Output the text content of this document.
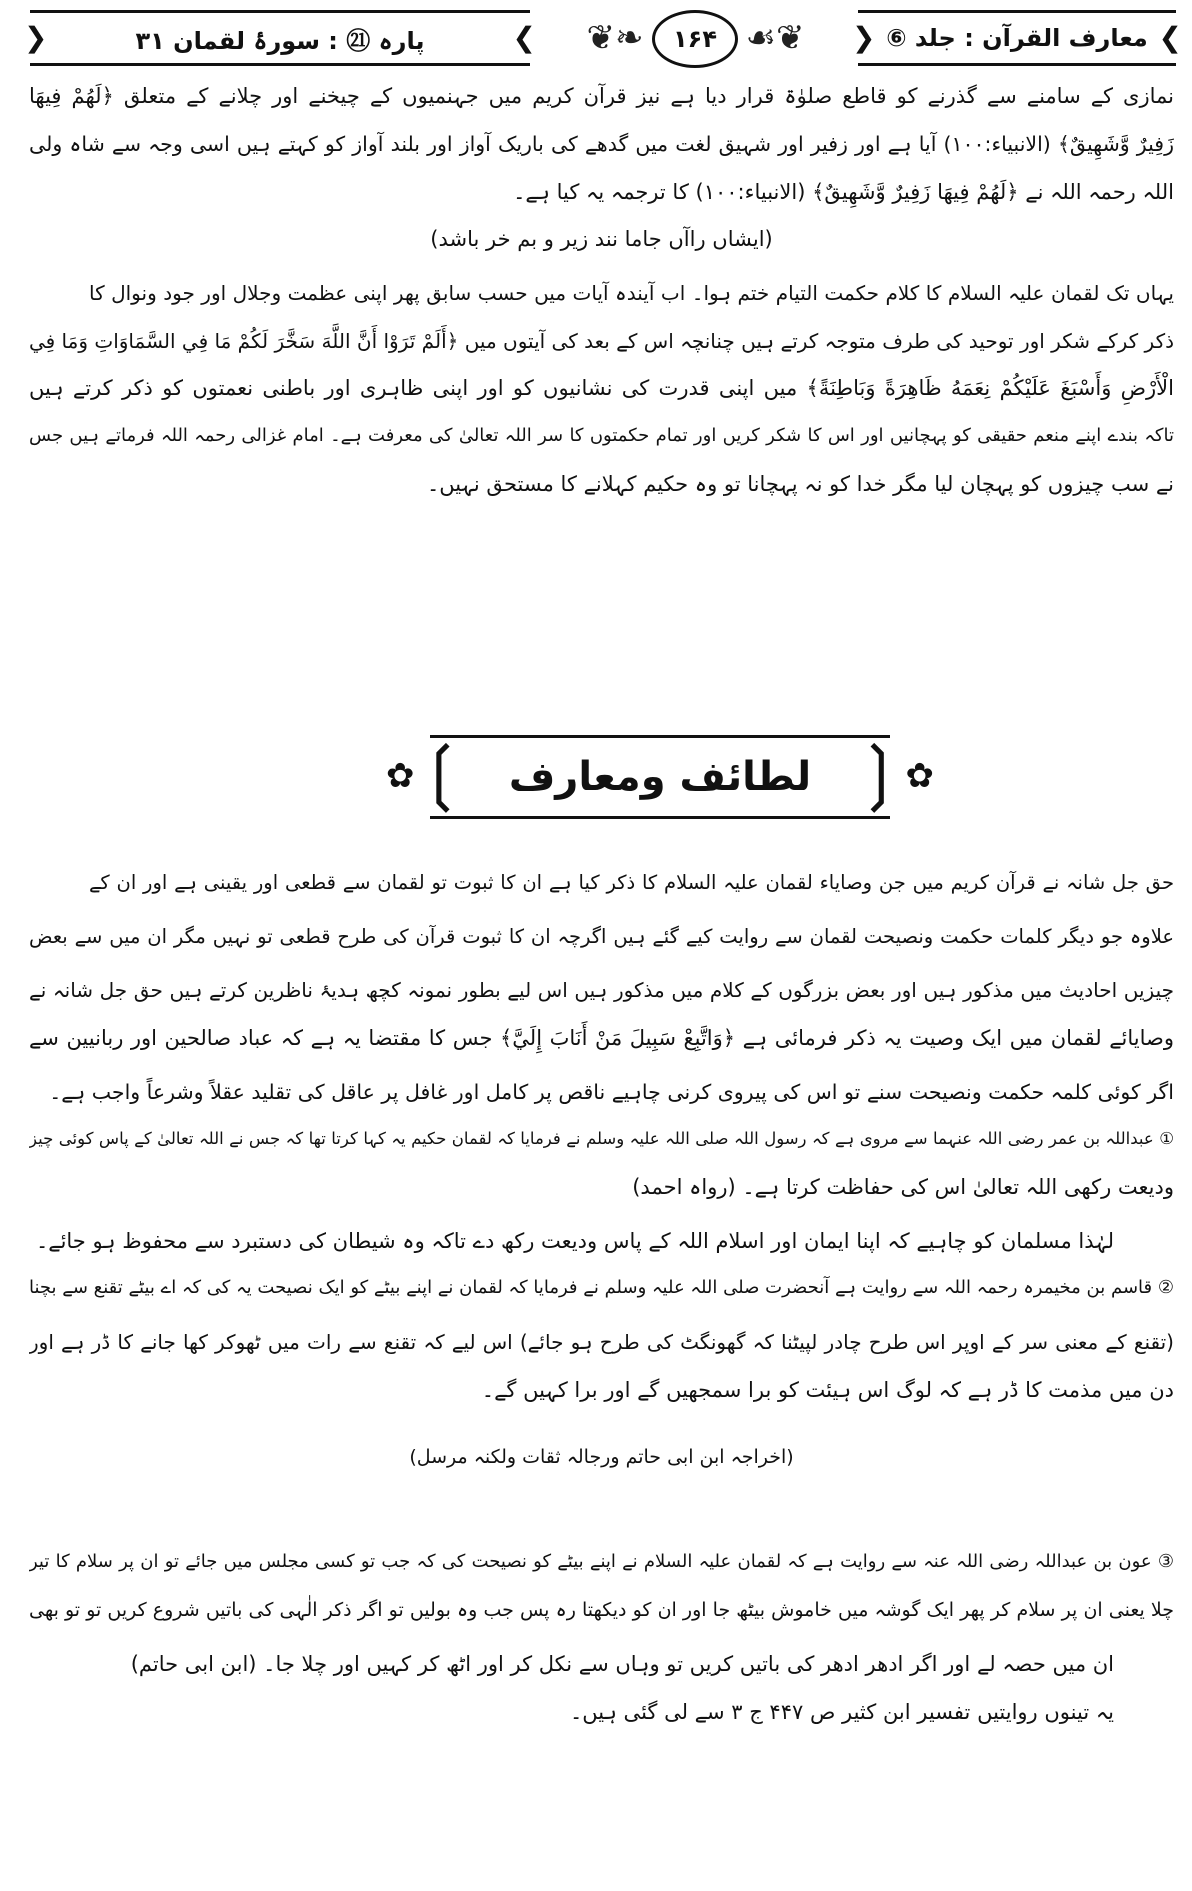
❯ معارف القرآن : جلد ⑥
❮
❦❧	☙❦
۱۶۴
❯ پارہ ㉑ : سورۂ لقمان ۳۱
❮
نمازی کے سامنے سے گذرنے کو قاطع صلوٰۃ قرار دیا ہے نیز قرآن کریم میں جہنمیوں کے چیخنے اور چلانے کے متعلق ﴿لَهُمْ فِيهَا
زَفِيرٌ وَّشَهِيقٌ﴾ (الانبیاء:۱۰۰) آیا ہے اور زفیر اور شہیق لغت میں گدھے کی باریک آواز اور بلند آواز کو کہتے ہیں اسی وجہ سے شاہ ولی
اللہ رحمہ اللہ نے ﴿لَهُمْ فِيهَا زَفِيرٌ وَّشَهِيقٌ﴾ (الانبیاء:۱۰۰) کا ترجمہ یہ کیا ہے۔
(ایشاں راآں جاما نند زیر و بم خر باشد)
یہاں تک لقمان علیہ السلام کا کلام حکمت التیام ختم ہوا۔ اب آیندہ آیات میں حسب سابق پھر اپنی عظمت وجلال اور جود ونوال کا
ذکر کرکے شکر اور توحید کی طرف متوجہ کرتے ہیں چنانچہ اس کے بعد کی آیتوں میں ﴿أَلَمْ تَرَوْا أَنَّ اللَّهَ سَخَّرَ لَكُمْ مَا فِي السَّمَاوَاتِ وَمَا فِي
الْأَرْضِ وَأَسْبَغَ عَلَيْكُمْ نِعَمَهُ ظَاهِرَةً وَبَاطِنَةً﴾ میں اپنی قدرت کی نشانیوں کو اور اپنی ظاہری اور باطنی نعمتوں کو ذکر کرتے ہیں
تاکہ بندے اپنے منعم حقیقی کو پہچانیں اور اس کا شکر کریں اور تمام حکمتوں کا سر اللہ تعالیٰ کی معرفت ہے۔ امام غزالی رحمہ اللہ فرماتے ہیں جس
نے سب چیزوں کو پہچان لیا مگر خدا کو نہ پہچانا تو وہ حکیم کہلانے کا مستحق نہیں۔
❳
✿
لطائف ومعارف
✿
❲
حق جل شانہ نے قرآن کریم میں جن وصایاء لقمان علیہ السلام کا ذکر کیا ہے ان کا ثبوت تو لقمان سے قطعی اور یقینی ہے اور ان کے
علاوہ جو دیگر کلمات حکمت ونصیحت لقمان سے روایت کیے گئے ہیں اگرچہ ان کا ثبوت قرآن کی طرح قطعی تو نہیں مگر ان میں سے بعض
چیزیں احادیث میں مذکور ہیں اور بعض بزرگوں کے کلام میں مذکور ہیں اس لیے بطور نمونہ کچھ ہدیۂ ناظرین کرتے ہیں حق جل شانہ نے
وصایائے لقمان میں ایک وصیت یہ ذکر فرمائی ہے ﴿وَاتَّبِعْ سَبِيلَ مَنْ أَنَابَ إِلَيَّ﴾ جس کا مقتضا یہ ہے کہ عباد صالحین اور ربانیین سے
اگر کوئی کلمہ حکمت ونصیحت سنے تو اس کی پیروی کرنی چاہیے ناقص پر کامل اور غافل پر عاقل کی تقلید عقلاً وشرعاً واجب ہے۔
① عبداللہ بن عمر رضی اللہ عنہما سے مروی ہے کہ رسول اللہ صلی اللہ علیہ وسلم نے فرمایا کہ لقمان حکیم یہ کہا کرتا تھا کہ جس نے اللہ تعالیٰ کے پاس کوئی چیز
ودیعت رکھی اللہ تعالیٰ اس کی حفاظت کرتا ہے۔ (رواہ احمد)
لہٰذا مسلمان کو چاہیے کہ اپنا ایمان اور اسلام اللہ کے پاس ودیعت رکھ دے تاکہ وہ شیطان کی دستبرد سے محفوظ ہو جائے۔
② قاسم بن مخیمرہ رحمہ اللہ سے روایت ہے آنحضرت صلی اللہ علیہ وسلم نے فرمایا کہ لقمان نے اپنے بیٹے کو ایک نصیحت یہ کی کہ اے بیٹے تقنع سے بچنا
(تقنع کے معنی سر کے اوپر اس طرح چادر لپیٹنا کہ گھونگٹ کی طرح ہو جائے) اس لیے کہ تقنع سے رات میں ٹھوکر کھا جانے کا ڈر ہے اور
دن میں مذمت کا ڈر ہے کہ لوگ اس ہیئت کو برا سمجھیں گے اور برا کہیں گے۔
(اخراجہ ابن ابی حاتم ورجالہ ثقات ولکنہ مرسل)
③ عون بن عبداللہ رضی اللہ عنہ سے روایت ہے کہ لقمان علیہ السلام نے اپنے بیٹے کو نصیحت کی کہ جب تو کسی مجلس میں جائے تو ان پر سلام کا تیر
چلا یعنی ان پر سلام کر پھر ایک گوشہ میں خاموش بیٹھ جا اور ان کو دیکھتا رہ پس جب وہ بولیں تو اگر ذکر الٰہی کی باتیں شروع کریں تو تو بھی
ان میں حصہ لے اور اگر ادھر ادھر کی باتیں کریں تو وہاں سے نکل کر اور اٹھ کر کہیں اور چلا جا۔ (ابن ابی حاتم)
یہ تینوں روایتیں تفسیر ابن کثیر ص ۴۴۷ ج ۳ سے لی گئی ہیں۔
